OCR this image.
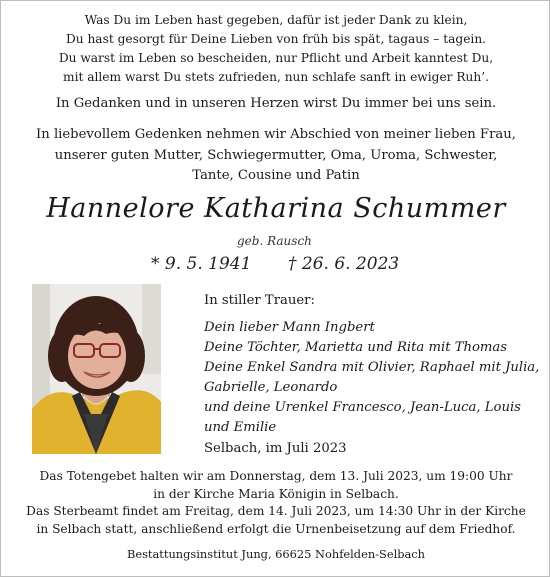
Was Du im Leben hast gegeben, dafür ist jeder Dank zu klein,
Du hast gesorgt für Deine Lieben von früh bis spät, tagaus – tagein.
Du warst im Leben so bescheiden, nur Pflicht und Arbeit kanntest Du,
mit allem warst Du stets zufrieden, nun schlafe sanft in ewiger Ruh’.
In Gedanken und in unseren Herzen wirst Du immer bei uns sein.
In liebevollem Gedenken nehmen wir Abschied von meiner lieben Frau,
unserer guten Mutter, Schwiegermutter, Oma, Uroma, Schwester,
Tante, Cousine und Patin
Hannelore Katharina Schummer
geb. Rausch
* 9. 5. 1941 † 26. 6. 2023
In stiller Trauer:
Dein lieber Mann Ingbert
Deine Töchter, Marietta und Rita mit Thomas
Deine Enkel Sandra mit Olivier, Raphael mit Julia,
Gabrielle, Leonardo
und deine Urenkel Francesco, Jean-Luca, Louis
und Emilie
Selbach, im Juli 2023
Das Totengebet halten wir am Donnerstag, dem 13. Juli 2023, um 19:00 Uhr
in der Kirche Maria Königin in Selbach.
Das Sterbeamt findet am Freitag, dem 14. Juli 2023, um 14:30 Uhr in der Kirche
in Selbach statt, anschließend erfolgt die Urnenbeisetzung auf dem Friedhof.
Bestattungsinstitut Jung, 66625 Nohfelden-Selbach
